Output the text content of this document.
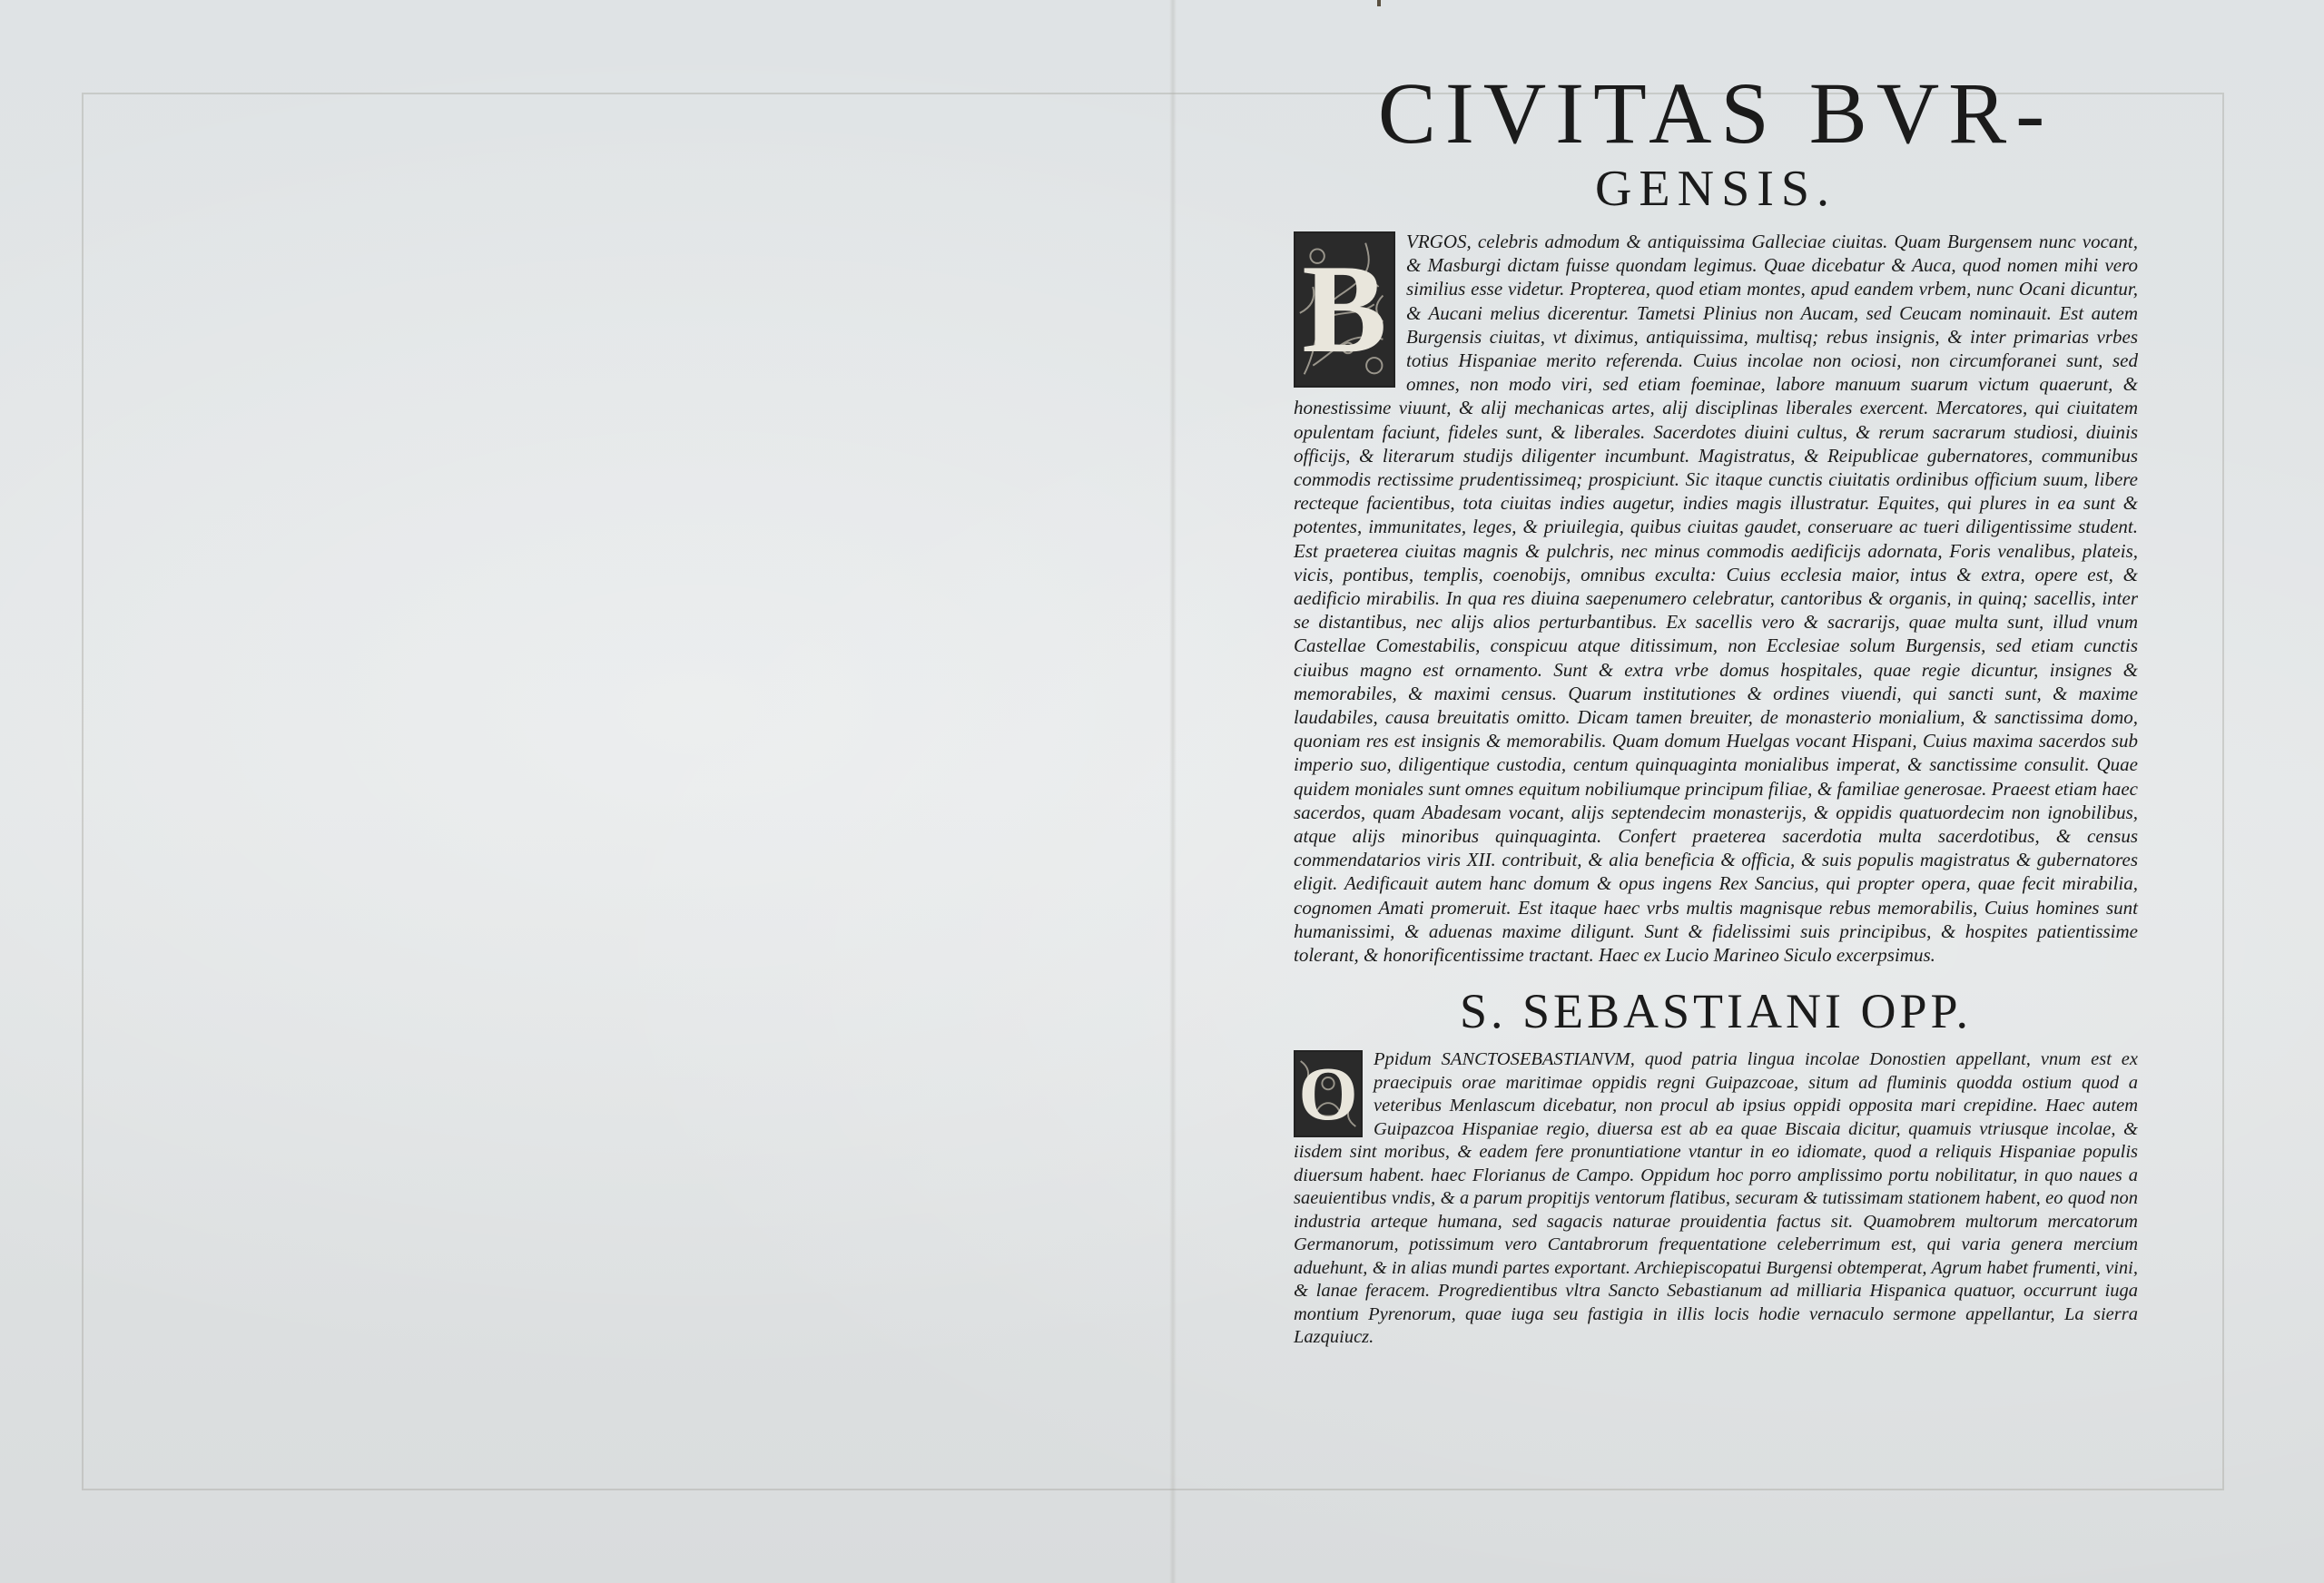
CIVITAS BVR-
GENSIS.

B	VRGOS, celebris admodum & antiquissima Galleciae ciuitas. Quam Burgensem nunc vocant, & Masburgi dictam fuisse quondam legimus. Quae dicebatur & Auca, quod nomen mihi vero similius esse videtur. Propterea, quod etiam montes, apud eandem vrbem, nunc Ocani dicuntur, & Aucani melius dicerentur. Tametsi Plinius non Aucam, sed Ceucam nominauit. Est autem Burgensis ciuitas, vt diximus, antiquissima, multisq; rebus insignis, & inter primarias vrbes totius Hispaniae merito referenda. Cuius incolae non ociosi, non circumforanei sunt, sed omnes, non modo viri, sed etiam foeminae, labore manuum suarum victum quaerunt, & honestissime viuunt, & alij mechanicas artes, alij disciplinas liberales exercent. Mercatores, qui ciuitatem opulentam faciunt, fideles sunt, & liberales. Sacerdotes diuini cultus, & rerum sacrarum studiosi, diuinis officijs, & literarum studijs diligenter incumbunt. Magistratus, & Reipublicae gubernatores, communibus commodis rectissime prudentissimeq; prospiciunt. Sic itaque cunctis ciuitatis ordinibus officium suum, libere recteque facientibus, tota ciuitas indies augetur, indies magis illustratur. Equites, qui plures in ea sunt & potentes, immunitates, leges, & priuilegia, quibus ciuitas gaudet, conseruare ac tueri diligentissime student. Est praeterea ciuitas magnis & pulchris, nec minus commodis aedificijs adornata, Foris venalibus, plateis, vicis, pontibus, templis, coenobijs, omnibus exculta: Cuius ecclesia maior, intus & extra, opere est, & aedificio mirabilis. In qua res diuina saepenumero celebratur, cantoribus & organis, in quinq; sacellis, inter se distantibus, nec alijs alios perturbantibus. Ex sacellis vero & sacrarijs, quae multa sunt, illud vnum Castellae Comestabilis, conspicuu atque ditissimum, non Ecclesiae solum Burgensis, sed etiam cunctis ciuibus magno est ornamento. Sunt & extra vrbe domus hospitales, quae regie dicuntur, insignes & memorabiles, & maximi census. Quarum institutiones & ordines viuendi, qui sancti sunt, & maxime laudabiles, causa breuitatis omitto. Dicam tamen breuiter, de monasterio monialium, & sanctissima domo, quoniam res est insignis & memorabilis. Quam domum Huelgas vocant Hispani, Cuius maxima sacerdos sub imperio suo, diligentique custodia, centum quinquaginta monialibus imperat, & sanctissime consulit. Quae quidem moniales sunt omnes equitum nobiliumque principum filiae, & familiae generosae. Praeest etiam haec sacerdos, quam Abadesam vocant, alijs septendecim monasterijs, & oppidis quatuordecim non ignobilibus, atque alijs minoribus quinquaginta. Confert praeterea sacerdotia multa sacerdotibus, & census commendatarios viris XII. contribuit, & alia beneficia & officia, & suis populis magistratus & gubernatores eligit. Aedificauit autem hanc domum & opus ingens Rex Sancius, qui propter opera, quae fecit mirabilia, cognomen Amati promeruit. Est itaque haec vrbs multis magnisque rebus memorabilis, Cuius homines sunt humanissimi, & aduenas maxime diligunt. Sunt & fidelissimi suis principibus, & hospites patientissime tolerant, & honorificentissime tractant. Haec ex Lucio Marineo Siculo excerpsimus.

S. SEBASTIANI OPP.

O Ppidum SANCTOSEBASTIANVM, quod patria lingua incolae Donostien appellant, vnum est ex praecipuis orae maritimae oppidis regni Guipazcoae, situm ad fluminis quodda ostium quod a veteribus Menlascum dicebatur, non procul ab ipsius oppidi opposita mari crepidine. Haec autem Guipazcoa Hispaniae regio, diuersa est ab ea quae Biscaia dicitur, quamuis vtriusque incolae, & iisdem sint moribus, & eadem fere pronuntiatione vtantur in eo idiomate, quod a reliquis Hispaniae populis diuersum habent. haec Florianus de Campo. Oppidum hoc porro amplissimo portu nobilitatur, in quo naues a saeuientibus vndis, & a parum propitijs ventorum flatibus, securam & tutissimam stationem habent, eo quod non industria arteque humana, sed sagacis naturae prouidentia factus sit. Quamobrem multorum mercatorum Germanorum, potissimum vero Cantabrorum frequentatione celeberrimum est, qui varia genera mercium aduehunt, & in alias mundi partes exportant. Archiepiscopatui Burgensi obtemperat, Agrum habet frumenti, vini, & lanae feracem. Progredientibus vltra Sancto Sebastianum ad milliaria Hispanica quatuor, occurrunt iuga montium Pyrenorum, quae iuga seu fastigia in illis locis hodie vernaculo sermone appellantur, La sierra Lazquiucz.
